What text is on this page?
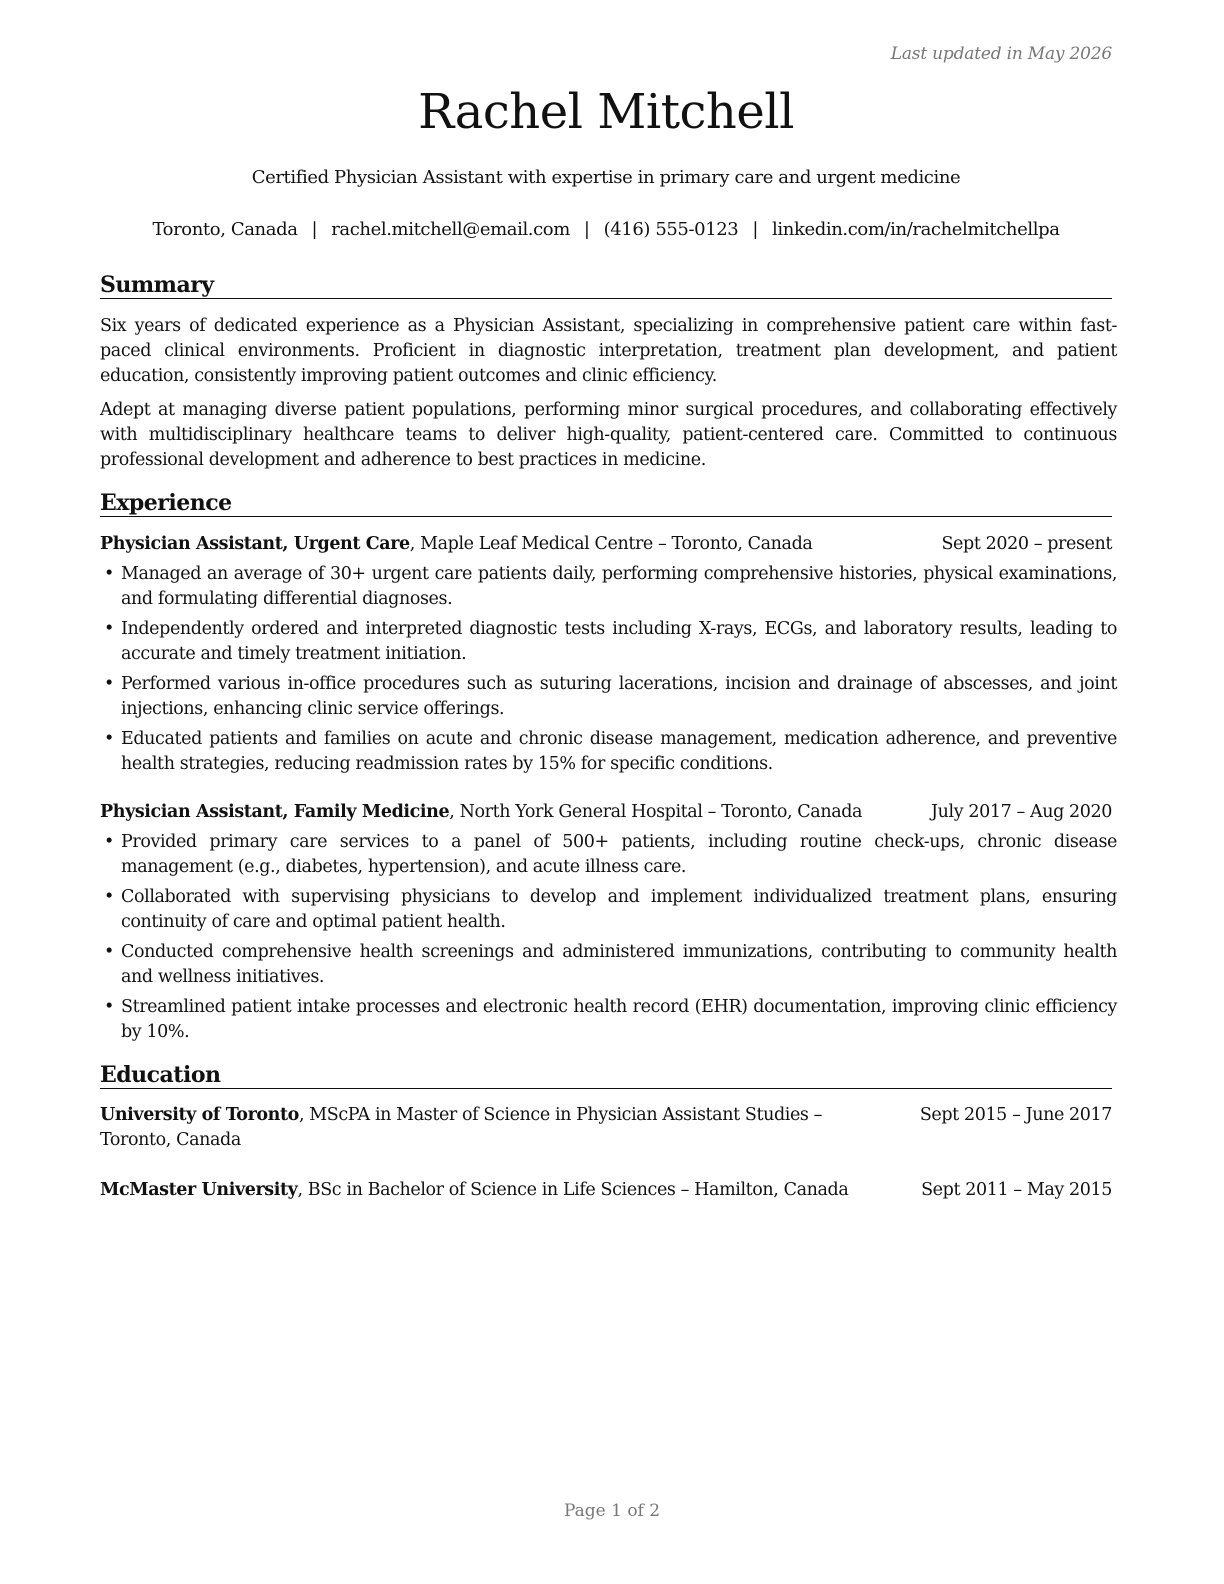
Last updated in May 2026
Rachel Mitchell
Certified Physician Assistant with expertise in primary care and urgent medicine
Toronto, Canada | rachel.mitchell@email.com | (416) 555-0123 | linkedin.com/in/rachelmitchellpa
Summary

Six years of dedicated experience as a Physician Assistant, specializing in comprehensive patient care within fast-paced clinical environments. Proficient in diagnostic interpretation, treatment plan development, and patient education, consistently improving patient outcomes and clinic efficiency.

Adept at managing diverse patient populations, performing minor surgical procedures, and collaborating effectively with multidisciplinary healthcare teams to deliver high-quality, patient-centered care. Committed to continuous professional development and adherence to best practices in medicine.

Experience
Physician Assistant, Urgent Care, Maple Leaf Medical Centre – Toronto, Canada	Sept 2020 – present
• Managed an average of 30+ urgent care patients daily, performing comprehensive histories, physical examinations, and formulating differential diagnoses.
• Independently ordered and interpreted diagnostic tests including X-rays, ECGs, and laboratory results, leading to accurate and timely treatment initiation.
• Performed various in-office procedures such as suturing lacerations, incision and drainage of abscesses, and joint injections, enhancing clinic service offerings.
• Educated patients and families on acute and chronic disease management, medication adherence, and preventive health strategies, reducing readmission rates by 15% for specific conditions.
Physician Assistant, Family Medicine, North York General Hospital – Toronto, Canada	July 2017 – Aug 2020
• Provided primary care services to a panel of 500+ patients, including routine check-ups, chronic disease management (e.g., diabetes, hypertension), and acute illness care.
• Collaborated with supervising physicians to develop and implement individualized treatment plans, ensuring continuity of care and optimal patient health.
• Conducted comprehensive health screenings and administered immunizations, contributing to community health and wellness initiatives.
• Streamlined patient intake processes and electronic health record (EHR) documentation, improving clinic efficiency by 10%.
Education
University of Toronto, MScPA in Master of Science in Physician Assistant Studies – Toronto, Canada
Sept 2015 – June 2017
McMaster University, BSc in Bachelor of Science in Life Sciences – Hamilton, Canada	Sept 2011 – May 2015
Page 1 of 2
